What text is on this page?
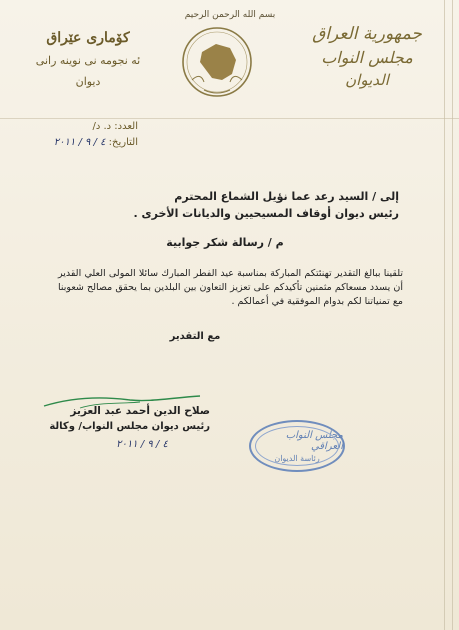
بسم الله الرحمن الرحيم
كۆمارى عێراق
ئه نجومه نى نوينه رانى
ديوان
جمهورية العراق
مجلس النواب
الديوان
العدد: د. د/
التاريخ: ٤ / ٩ / ٢٠١١
إلى / السيد رعد عما نؤيل الشماع المحترم
رئيس ديوان أوقاف المسيحيين والديانات الأخرى .
م / رسالة شكر جوابية
تلقينا ببالغ التقدير تهنئتكم المباركة بمناسبة عيد الفطر المبارك سائلا المولى العلي القدير أن يسدد مسعاكم مثمنين تأكيدكم على تعزيز التعاون بين البلدين بما يحقق مصالح شعوبنا مع تمنياتنا لكم بدوام الموفقية في أعمالكم .
مع التقدير
صلاح الدين أحمد عبد العزيز
رئيس ديوان مجلس النواب/ وكالة
٤ / ٩ / ٢٠١١
مجلس النواب العراقي
رئاسة الديوان
